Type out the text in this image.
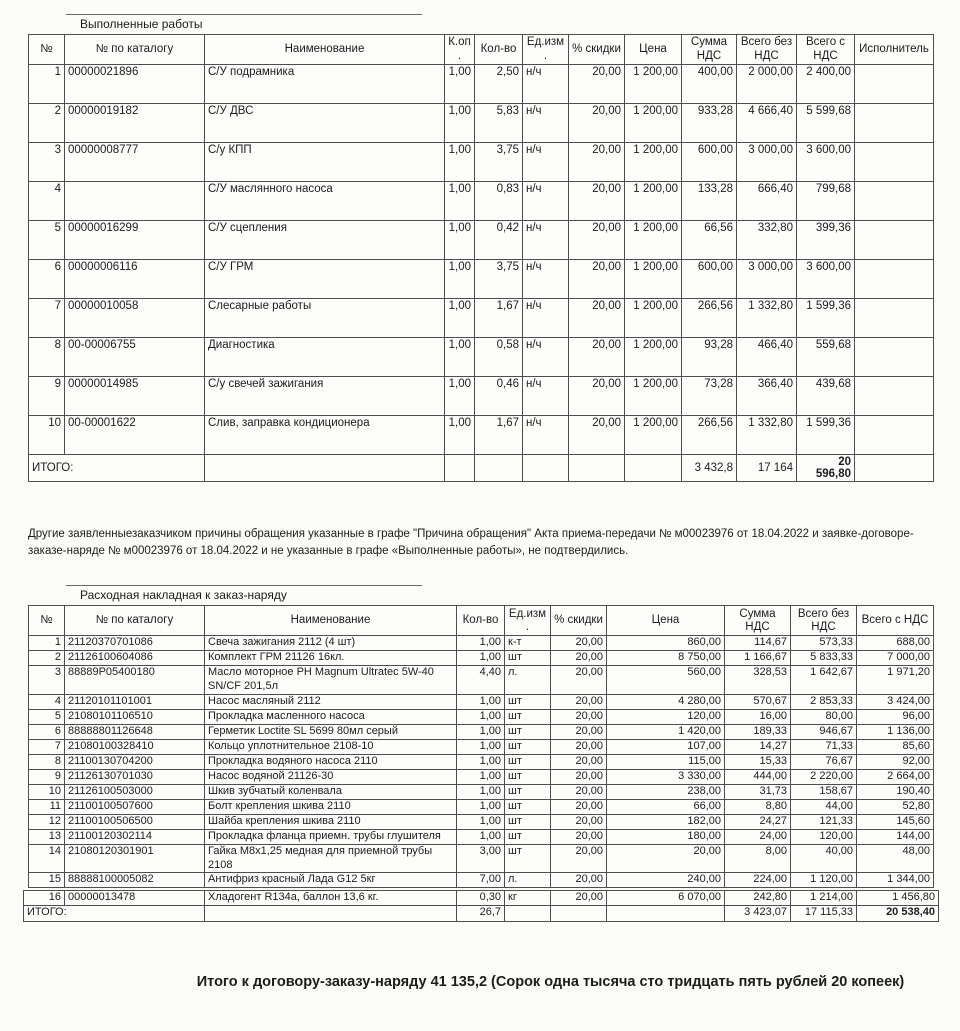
Выполненные работы
№	№ по каталогу	Наименование	К.оп.	Кол-во	Ед.изм.	% скидки	Цена	Сумма НДС	Всего без НДС	Всего с НДС	Исполнитель
1	00000021896	С/У подрамника	1,00	2,50	н/ч	20,00	1 200,00	400,00	2 000,00	2 400,00	
2	00000019182	С/У ДВС	1,00	5,83	н/ч	20,00	1 200,00	933,28	4 666,40	5 599,68	
3	00000008777	С/у КПП	1,00	3,75	н/ч	20,00	1 200,00	600,00	3 000,00	3 600,00	
4		С/У маслянного насоса	1,00	0,83	н/ч	20,00	1 200,00	133,28	666,40	799,68	
5	00000016299	С/У сцепления	1,00	0,42	н/ч	20,00	1 200,00	66,56	332,80	399,36	
6	00000006116	С/У ГРМ	1,00	3,75	н/ч	20,00	1 200,00	600,00	3 000,00	3 600,00	
7	00000010058	Слесарные работы	1,00	1,67	н/ч	20,00	1 200,00	266,56	1 332,80	1 599,36	
8	00-00006755	Диагностика	1,00	0,58	н/ч	20,00	1 200,00	93,28	466,40	559,68	
9	00000014985	С/у свечей зажигания	1,00	0,46	н/ч	20,00	1 200,00	73,28	366,40	439,68	
10	00-00001622	Слив, заправка кондиционера	1,00	1,67	н/ч	20,00	1 200,00	266,56	1 332,80	1 599,36	
ИТОГО:								3 432,8	17 164	20 596,80	

Другие заявленныезаказчиком причины обращения указанные в графе "Причина обращения" Акта приема-передачи № м00023976 от 18.04.2022 и заявке-договоре-заказе-наряде № м00023976 от 18.04.2022 и не указанные в графе «Выполненные работы», не подтвердились.

Расходная накладная к заказ-наряду
№	№ по каталогу	Наименование	Кол-во	Ед.изм.	% скидки	Цена	Сумма НДС	Всего без НДС	Всего с НДС
1	21120370701086	Свеча зажигания 2112 (4 шт)	1,00	к-т	20,00	860,00	114,67	573,33	688,00
2	21126100604086	Комплект ГРМ 21126 16кл.	1,00	шт	20,00	8 750,00	1 166,67	5 833,33	7 000,00
3	88889P05400180	Масло моторное PH Magnum Ultratec 5W-40 SN/CF 201,5л	4,40	л.	20,00	560,00	328,53	1 642,67	1 971,20
4	21120101101001	Насос масляный 2112	1,00	шт	20,00	4 280,00	570,67	2 853,33	3 424,00
5	21080101106510	Прокладка масленного насоса	1,00	шт	20,00	120,00	16,00	80,00	96,00
6	88888801126648	Герметик Loctite SL 5699 80мл серый	1,00	шт	20,00	1 420,00	189,33	946,67	1 136,00
7	21080100328410	Кольцо уплотнительное 2108-10	1,00	шт	20,00	107,00	14,27	71,33	85,60
8	21100130704200	Прокладка водяного насоса 2110	1,00	шт	20,00	115,00	15,33	76,67	92,00
9	21126130701030	Насос водяной 21126-30	1,00	шт	20,00	3 330,00	444,00	2 220,00	2 664,00
10	21126100503000	Шкив зубчатый коленвала	1,00	шт	20,00	238,00	31,73	158,67	190,40
11	21100100507600	Болт крепления шкива 2110	1,00	шт	20,00	66,00	8,80	44,00	52,80
12	21100100506500	Шайба крепления шкива 2110	1,00	шт	20,00	182,00	24,27	121,33	145,60
13	21100120302114	Прокладка фланца приемн. трубы глушителя	1,00	шт	20,00	180,00	24,00	120,00	144,00
14	21080120301901	Гайка М8х1,25 медная для приемной трубы 2108	3,00	шт	20,00	20,00	8,00	40,00	48,00
15	88888100005082	Антифриз красный Лада G12 5кг	7,00	л.	20,00	240,00	224,00	1 120,00	1 344,00
16	00000013478	Хладогент R134a, баллон 13,6 кг.	0,30	кг	20,00	6 070,00	242,80	1 214,00	1 456,80
ИТОГО:			26,7				3 423,07	17 115,33	20 538,40
Итого к договору-заказу-наряду 41 135,2 (Сорок одна тысяча сто тридцать пять рублей 20 копеек)
